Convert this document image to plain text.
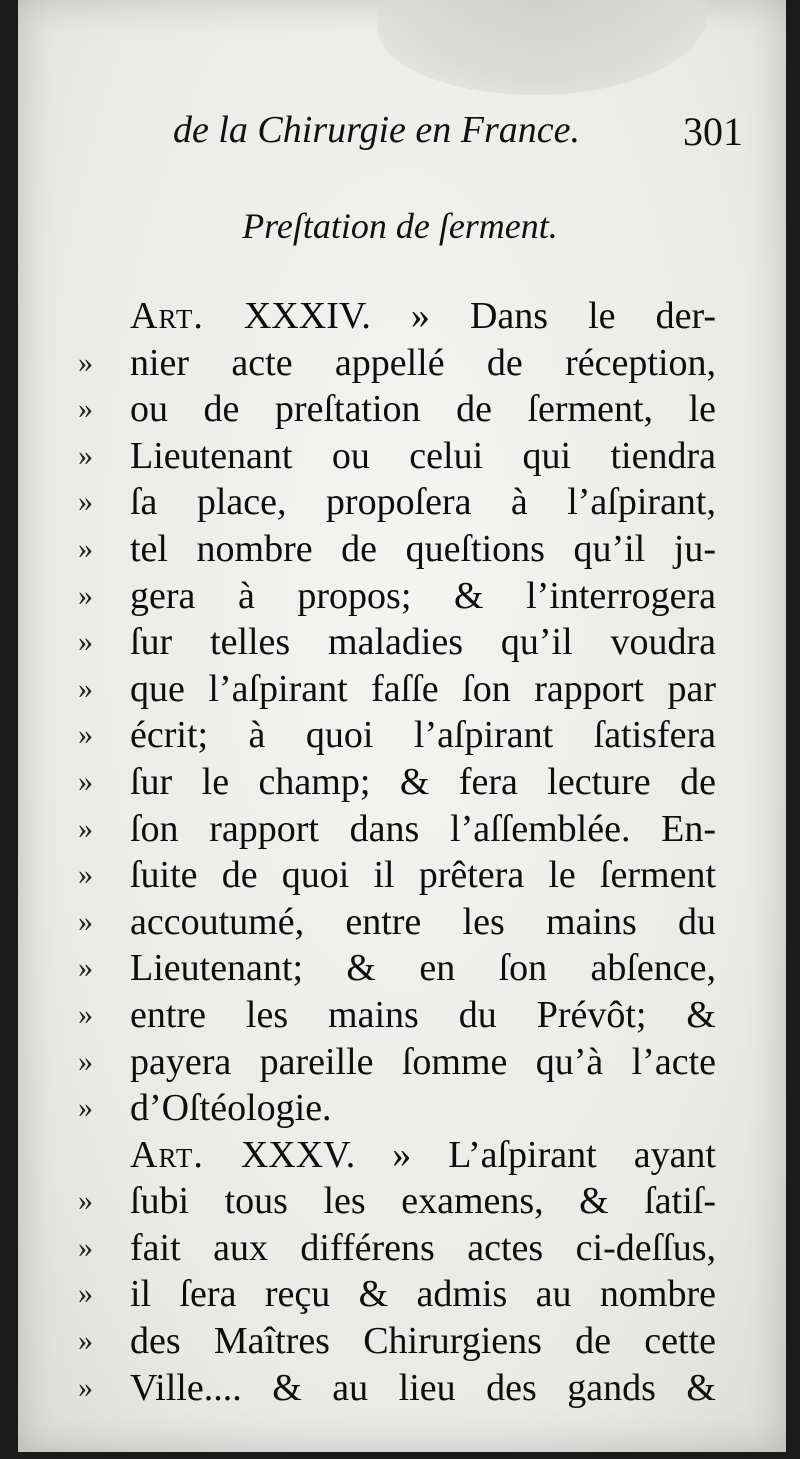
de la Chirurgie en France.	301
Preſtation de ſerment.
Art. XXXIV. » Dans le der-
» nier acte appellé de réception,
» ou de preſtation de ſerment, le
» Lieutenant ou celui qui tiendra
» ſa place, propoſera à l’aſpirant,
» tel nombre de queſtions qu’il ju-
» gera à propos; & l’interrogera
» ſur telles maladies qu’il voudra
» que l’aſpirant faſſe ſon rapport par
» écrit; à quoi l’aſpirant ſatisfera
» ſur le champ; & fera lecture de
» ſon rapport dans l’aſſemblée. En-
» ſuite de quoi il prêtera le ſerment
» accoutumé, entre les mains du
» Lieutenant; & en ſon abſence,
» entre les mains du Prévôt; &
» payera pareille ſomme qu’à l’acte
» d’Oſtéologie.
Art. XXXV. » L’aſpirant ayant
» ſubi tous les examens, & ſatiſ-
» fait aux différens actes ci-deſſus,
» il ſera reçu & admis au nombre
» des Maîtres Chirurgiens de cette
» Ville.... & au lieu des gands &
